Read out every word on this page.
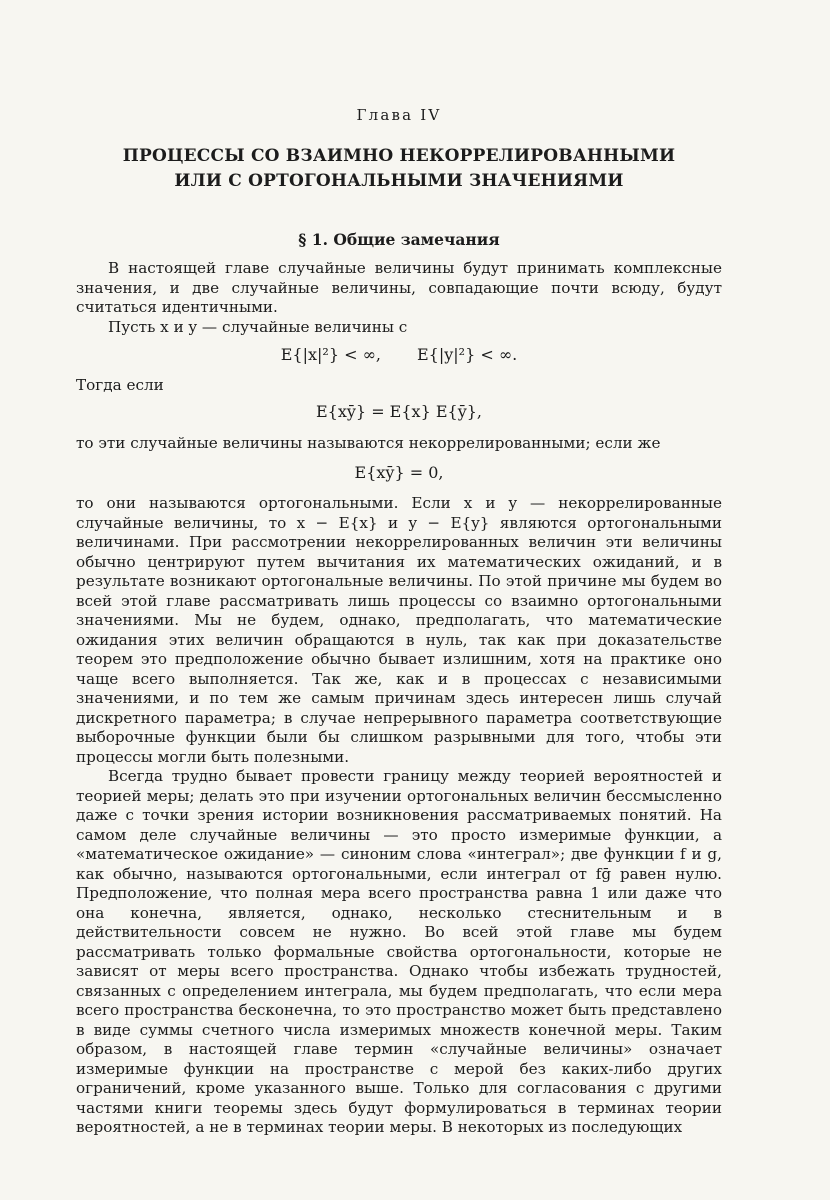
Глава IV
ПРОЦЕССЫ СО ВЗАИМНО НЕКОРРЕЛИРОВАННЫМИ
ИЛИ С ОРТОГОНАЛЬНЫМИ ЗНАЧЕНИЯМИ
§ 1. Общие замечания

В настоящей главе случайные величины будут принимать комплексные значения, и две случайные величины, совпадающие почти всюду, будут считаться идентичными.

Пусть x и y — случайные величины с

E{|x|²} < ∞, E{|y|²} < ∞.

Тогда если

E{xȳ} = E{x} E{ȳ},

то эти случайные величины называются некоррелированными; если же

E{xȳ} = 0,

то они называются ортогональными. Если x и y — некоррелированные случайные величины, то x − E{x} и y − E{y} являются ортогональными величинами. При рассмотрении некоррелированных величин эти величины обычно центрируют путем вычитания их математических ожиданий, и в результате возникают ортогональные величины. По этой причине мы будем во всей этой главе рассматривать лишь процессы со взаимно ортогональными значениями. Мы не будем, однако, предполагать, что математические ожидания этих величин обращаются в нуль, так как при доказательстве теорем это предположение обычно бывает излишним, хотя на практике оно чаще всего выполняется. Так же, как и в процессах с независимыми значениями, и по тем же самым причинам здесь интересен лишь случай дискретного параметра; в случае непрерывного параметра соответствующие выборочные функции были бы слишком разрывными для того, чтобы эти процессы могли быть полезными.

Всегда трудно бывает провести границу между теорией вероятностей и теорией меры; делать это при изучении ортогональных величин бессмысленно даже с точки зрения истории возникновения рассматриваемых понятий. На самом деле случайные величины — это просто измеримые функции, а «математическое ожидание» — синоним слова «интеграл»; две функции f и g, как обычно, называются ортогональными, если интеграл от fḡ равен нулю. Предположение, что полная мера всего пространства равна 1 или даже что она конечна, является, однако, несколько стеснительным и в действительности совсем не нужно. Во всей этой главе мы будем рассматривать только формальные свойства ортогональности, которые не зависят от меры всего пространства. Однако чтобы избежать трудностей, связанных с определением интеграла, мы будем предполагать, что если мера всего пространства бесконечна, то это пространство может быть представлено в виде суммы счетного числа измеримых множеств конечной меры. Таким образом, в настоящей главе термин «случайные величины» означает измеримые функции на пространстве с мерой без каких-либо других ограничений, кроме указанного выше. Только для согласования с другими частями книги теоремы здесь будут формулироваться в терминах теории вероятностей, а не в терминах теории меры. В некоторых из последующих
